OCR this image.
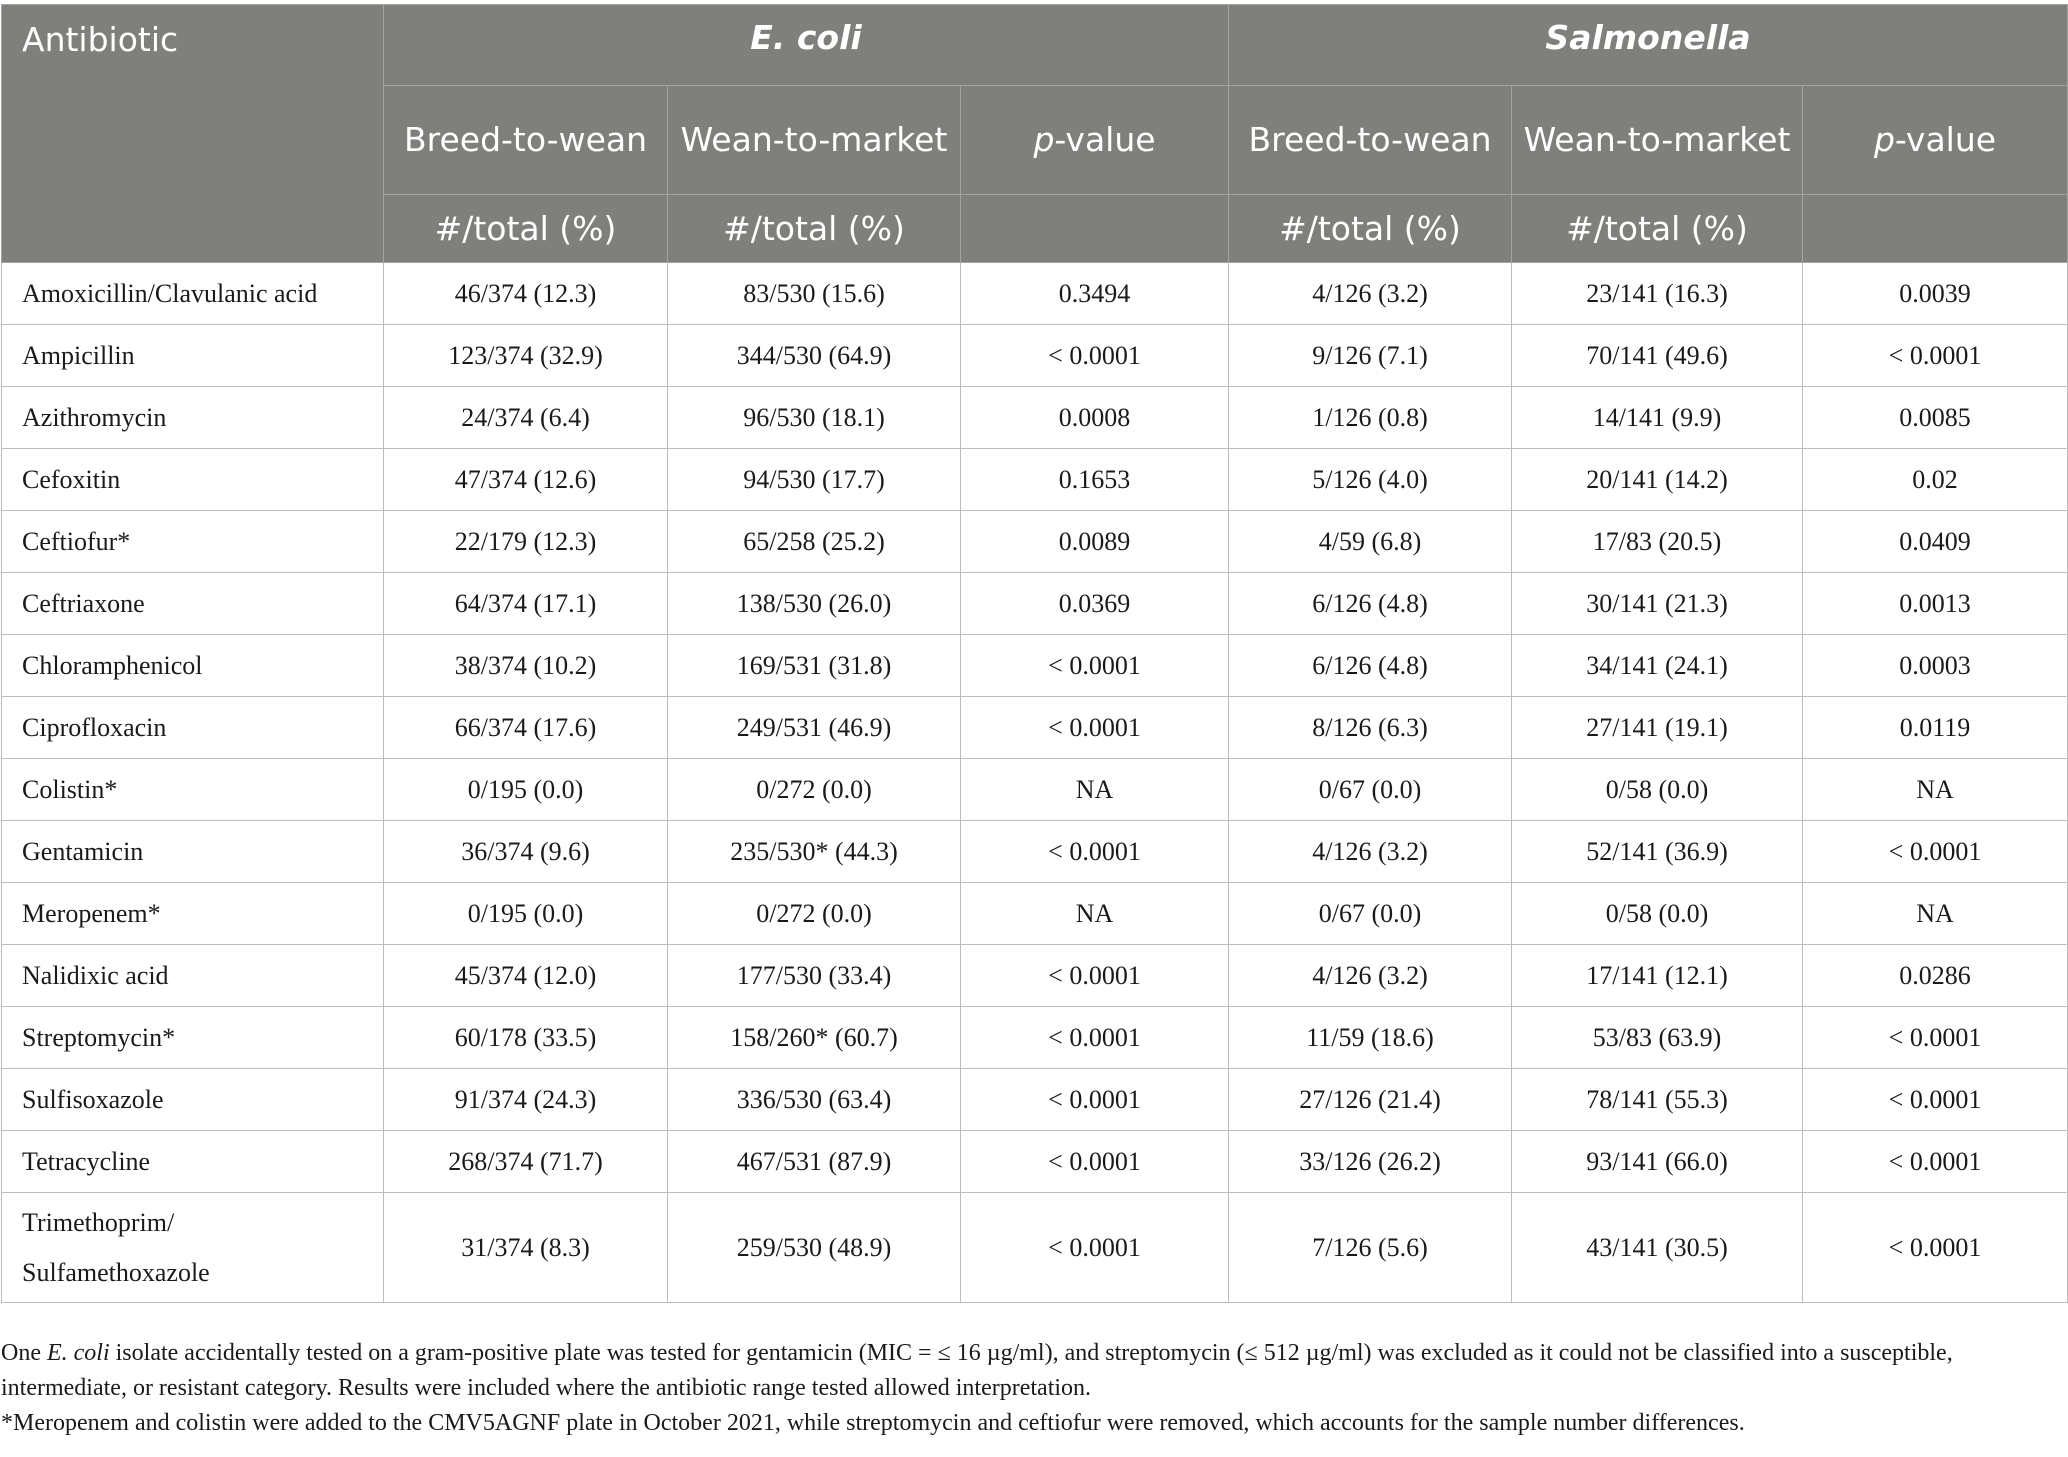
Antibiotic	E. coli			Salmonella		
	Breed-to-wean	Wean-to-market	p-value	Breed-to-wean	Wean-to-market	p-value
	#/total (%)	#/total (%)		#/total (%)	#/total (%)	
Amoxicillin/Clavulanic acid	46/374 (12.3)	83/530 (15.6)	0.3494	4/126 (3.2)	23/141 (16.3)	0.0039
Ampicillin	123/374 (32.9)	344/530 (64.9)	< 0.0001	9/126 (7.1)	70/141 (49.6)	< 0.0001
Azithromycin	24/374 (6.4)	96/530 (18.1)	0.0008	1/126 (0.8)	14/141 (9.9)	0.0085
Cefoxitin	47/374 (12.6)	94/530 (17.7)	0.1653	5/126 (4.0)	20/141 (14.2)	0.02
Ceftiofur*	22/179 (12.3)	65/258 (25.2)	0.0089	4/59 (6.8)	17/83 (20.5)	0.0409
Ceftriaxone	64/374 (17.1)	138/530 (26.0)	0.0369	6/126 (4.8)	30/141 (21.3)	0.0013
Chloramphenicol	38/374 (10.2)	169/531 (31.8)	< 0.0001	6/126 (4.8)	34/141 (24.1)	0.0003
Ciprofloxacin	66/374 (17.6)	249/531 (46.9)	< 0.0001	8/126 (6.3)	27/141 (19.1)	0.0119
Colistin*	0/195 (0.0)	0/272 (0.0)	NA	0/67 (0.0)	0/58 (0.0)	NA
Gentamicin	36/374 (9.6)	235/530* (44.3)	< 0.0001	4/126 (3.2)	52/141 (36.9)	< 0.0001
Meropenem*	0/195 (0.0)	0/272 (0.0)	NA	0/67 (0.0)	0/58 (0.0)	NA
Nalidixic acid	45/374 (12.0)	177/530 (33.4)	< 0.0001	4/126 (3.2)	17/141 (12.1)	0.0286
Streptomycin*	60/178 (33.5)	158/260* (60.7)	< 0.0001	11/59 (18.6)	53/83 (63.9)	< 0.0001
Sulfisoxazole	91/374 (24.3)	336/530 (63.4)	< 0.0001	27/126 (21.4)	78/141 (55.3)	< 0.0001
Tetracycline	268/374 (71.7)	467/531 (87.9)	< 0.0001	33/126 (26.2)	93/141 (66.0)	< 0.0001
Trimethoprim/
Sulfamethoxazole	31/374 (8.3)	259/530 (48.9)	< 0.0001	7/126 (5.6)	43/141 (30.5)	< 0.0001

One E. coli isolate accidentally tested on a gram-positive plate was tested for gentamicin (MIC = ≤ 16 µg/ml), and streptomycin (≤ 512 µg/ml) was excluded as it could not be classified into a susceptible, intermediate, or resistant category. Results were included where the antibiotic range tested allowed interpretation.

*Meropenem and colistin were added to the CMV5AGNF plate in October 2021, while streptomycin and ceftiofur were removed, which accounts for the sample number differences.
